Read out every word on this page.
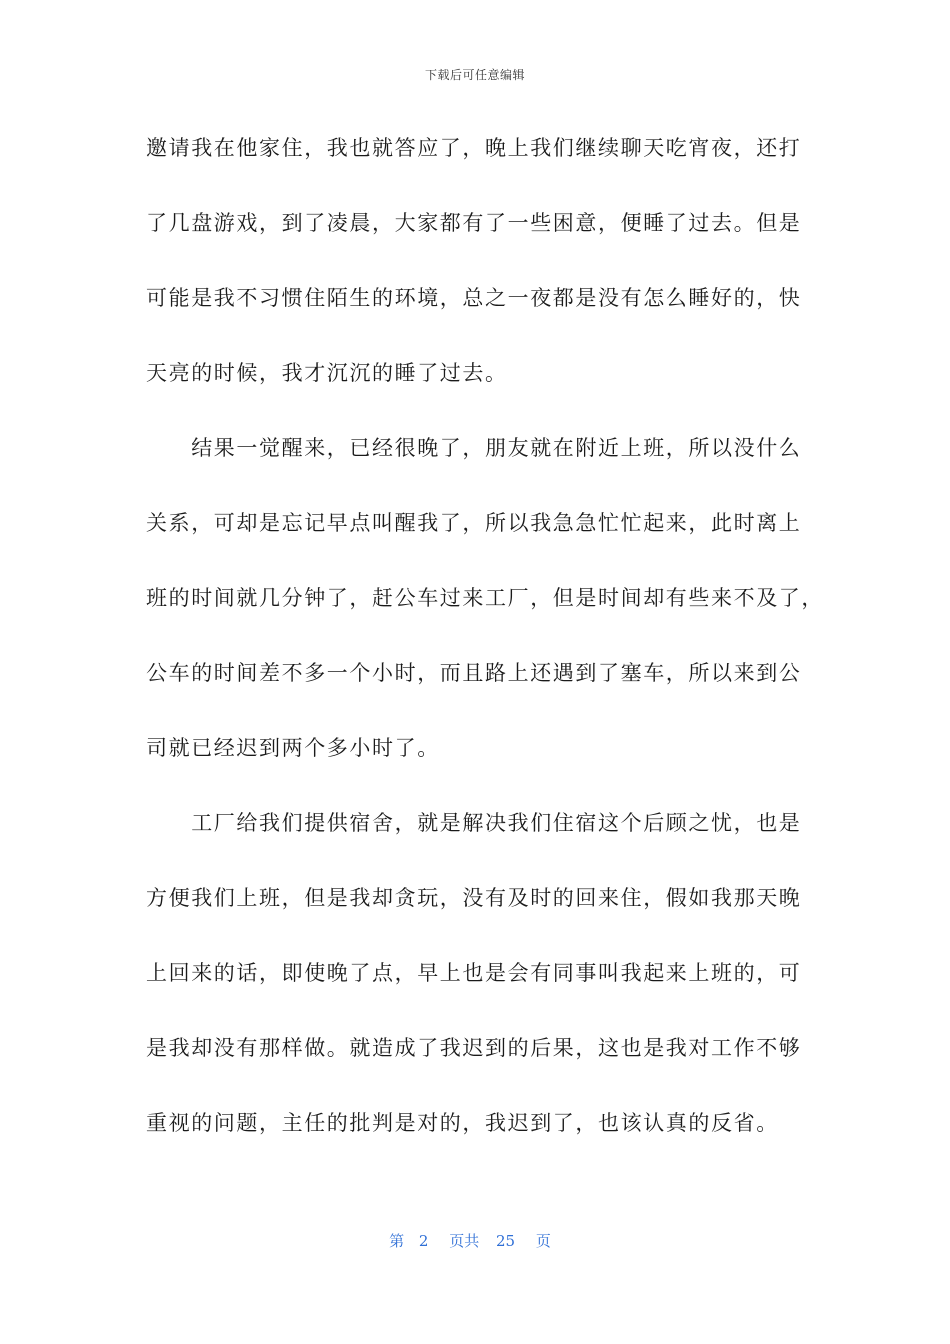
下载后可任意编辑
邀请我在他家住，我也就答应了，晚上我们继续聊天吃宵夜，还打
了几盘游戏，到了凌晨，大家都有了一些困意，便睡了过去。但是
可能是我不习惯住陌生的环境，总之一夜都是没有怎么睡好的，快
天亮的时候，我才沉沉的睡了过去。
　　结果一觉醒来，已经很晚了，朋友就在附近上班，所以没什么
关系，可却是忘记早点叫醒我了，所以我急急忙忙起来，此时离上
班的时间就几分钟了，赶公车过来工厂，但是时间却有些来不及了，
公车的时间差不多一个小时，而且路上还遇到了塞车，所以来到公
司就已经迟到两个多小时了。
　　工厂给我们提供宿舍，就是解决我们住宿这个后顾之忧，也是
方便我们上班，但是我却贪玩，没有及时的回来住，假如我那天晚
上回来的话，即使晚了点，早上也是会有同事叫我起来上班的，可
是我却没有那样做。就造成了我迟到的后果，这也是我对工作不够
重视的问题，主任的批判是对的，我迟到了，也该认真的反省。
第 2 页共 25 页
